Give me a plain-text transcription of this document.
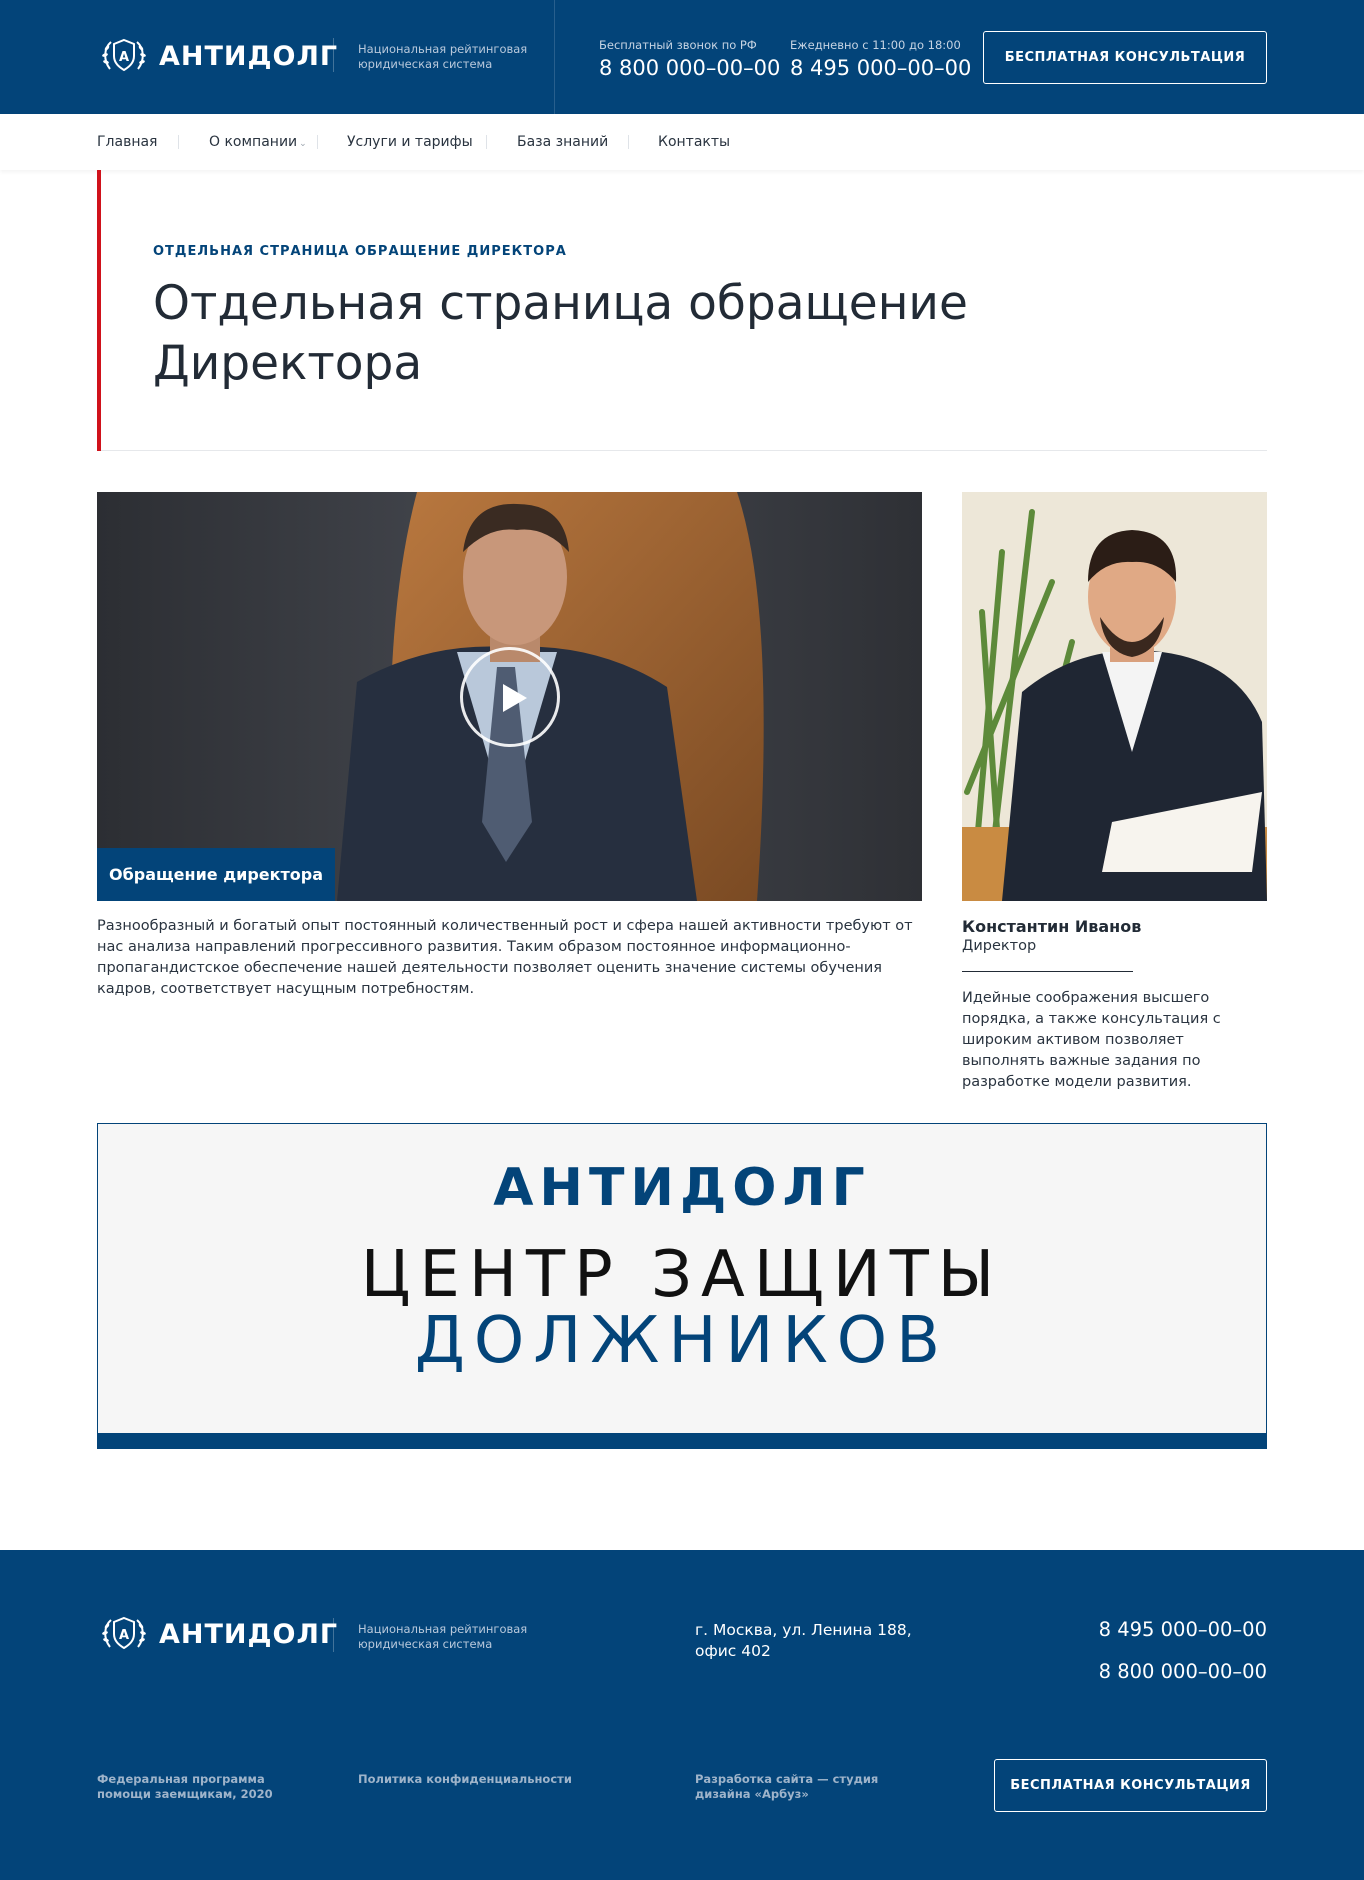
A АНТИДОЛГ Национальная рейтинговая юридическая система
Бесплатный звонок по РФ
8 800 000–00–00
Ежедневно с 11:00 до 18:00
8 495 000–00–00	БЕСПЛАТНАЯ КОНСУЛЬТАЦИЯ
Главная	О компании ⌄	Услуги и тарифы	База знаний	Контакты
ОТДЕЛЬНАЯ СТРАНИЦА ОБРАЩЕНИЕ ДИРЕКТОРА
Отдельная страница обращение Директора
Обращение директора
Разнообразный и богатый опыт постоянный количественный рост и сфера нашей активности требуют от нас анализа направлений прогрессивного развития. Таким образом постоянное информационно-пропагандистское обеспечение нашей деятельности позволяет оценить значение системы обучения кадров, соответствует насущным потребностям.
Константин Иванов
Директор
Идейные соображения высшего порядка, а также консультация с широким активом позволяет выполнять важные задания по разработке модели развития.
АНТИДОЛГ
ЦЕНТР ЗАЩИТЫ
ДОЛЖНИКОВ
A АНТИДОЛГ Национальная рейтинговая юридическая система
г. Москва, ул. Ленина 188, офис 402
8 495 000–00–00
8 800 000–00–00
Федеральная программа помощи заемщикам, 2020
Политика конфиденциальности	Разработка сайта — студия дизайна «Арбуз»
БЕСПЛАТНАЯ КОНСУЛЬТАЦИЯ
